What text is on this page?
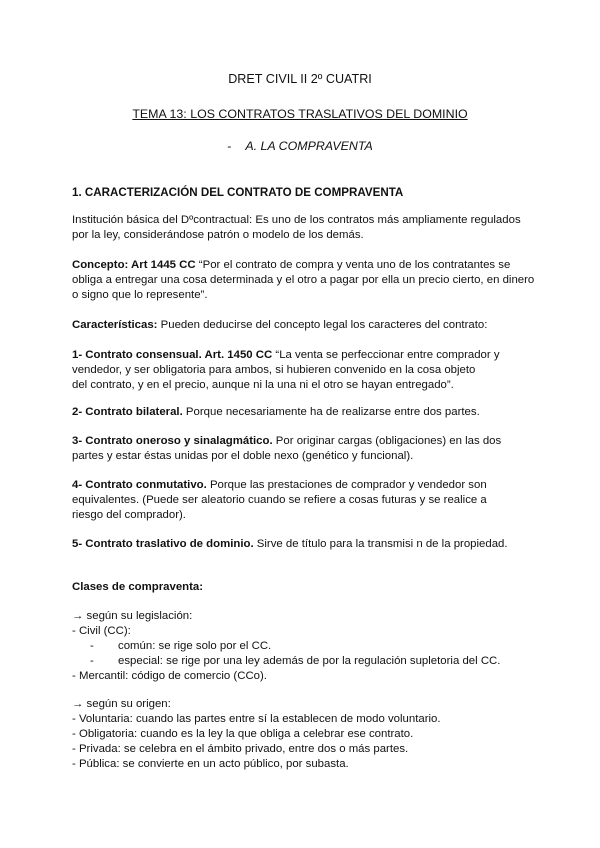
DRET CIVIL II 2º CUATRI
TEMA 13: LOS CONTRATOS TRASLATIVOS DEL DOMINIO
- A. LA COMPRAVENTA
1. CARACTERIZACIÓN DEL CONTRATO DE COMPRAVENTA
Institución básica del Dºcontractual: Es uno de los contratos más ampliamente regulados
por la ley, considerándose patrón o modelo de los demás.
Concepto: Art 1445 CC “Por el contrato de compra y venta uno de los contratantes se
obliga a entregar una cosa determinada y el otro a pagar por ella un precio cierto, en dinero
o signo que lo represente”.
Características: Pueden deducirse del concepto legal los caracteres del contrato:
1- Contrato consensual. Art. 1450 CC “La venta se perfeccionar entre comprador y
vendedor, y ser obligatoria para ambos, si hubieren convenido en la cosa objeto
del contrato, y en el precio, aunque ni la una ni el otro se hayan entregado”.
2- Contrato bilateral. Porque necesariamente ha de realizarse entre dos partes.
3- Contrato oneroso y sinalagmático. Por originar cargas (obligaciones) en las dos
partes y estar éstas unidas por el doble nexo (genético y funcional).
4- Contrato conmutativo. Porque las prestaciones de comprador y vendedor son
equivalentes. (Puede ser aleatorio cuando se refiere a cosas futuras y se realice a
riesgo del comprador).
5- Contrato traslativo de dominio. Sirve de título para la transmisi n de la propiedad.
Clases de compraventa:
→ según su legislación:
- Civil (CC):
- común: se rige solo por el CC.
- especial: se rige por una ley además de por la regulación supletoria del CC.
- Mercantil: código de comercio (CCo).
→ según su origen:
- Voluntaria: cuando las partes entre sí la establecen de modo voluntario.
- Obligatoria: cuando es la ley la que obliga a celebrar ese contrato.
- Privada: se celebra en el ámbito privado, entre dos o más partes.
- Pública: se convierte en un acto público, por subasta.
